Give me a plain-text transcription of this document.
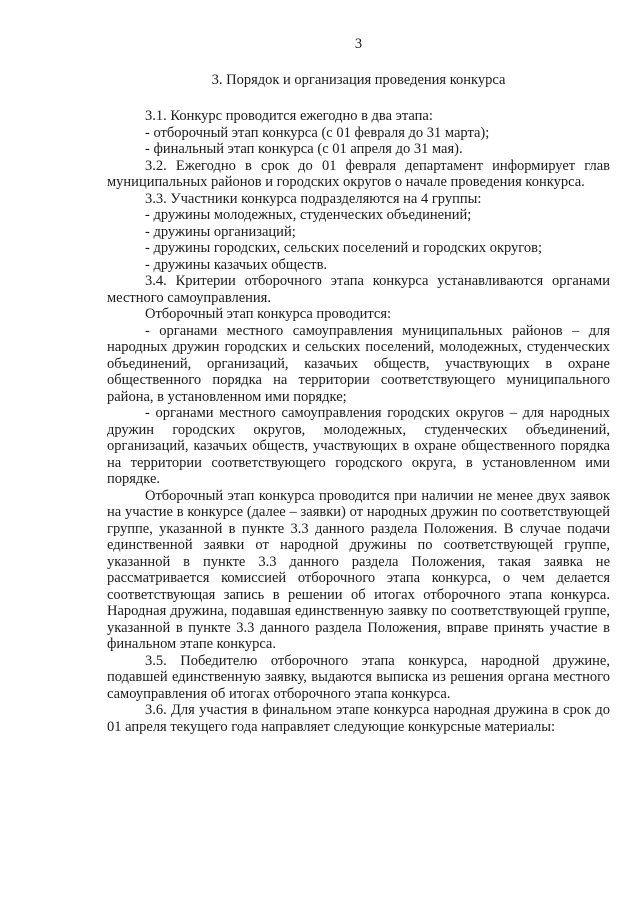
3
3. Порядок и организация проведения конкурса

3.1. Конкурс проводится ежегодно в два этапа:

- отборочный этап конкурса (с 01 февраля до 31 марта);

- финальный этап конкурса (с 01 апреля до 31 мая).

3.2. Ежегодно в срок до 01 февраля департамент информирует глав муниципальных районов и городских округов о начале проведения конкурса.

3.3. Участники конкурса подразделяются на 4 группы:

- дружины молодежных, студенческих объединений;

- дружины организаций;

- дружины городских, сельских поселений и городских округов;

- дружины казачьих обществ.

3.4. Критерии отборочного этапа конкурса устанавливаются органами местного самоуправления.

Отборочный этап конкурса проводится:

- органами местного самоуправления муниципальных районов – для народных дружин городских и сельских поселений, молодежных, студенческих объединений, организаций, казачьих обществ, участвующих в охране общественного порядка на территории соответствующего муниципального района, в установленном ими порядке;

- органами местного самоуправления городских округов – для народных дружин городских округов, молодежных, студенческих объединений, организаций, казачьих обществ, участвующих в охране общественного порядка на территории соответствующего городского округа, в установленном ими порядке.

Отборочный этап конкурса проводится при наличии не менее двух заявок на участие в конкурсе (далее – заявки) от народных дружин по соответствующей группе, указанной в пункте 3.3 данного раздела Положения. В случае подачи единственной заявки от народной дружины по соответствующей группе, указанной в пункте 3.3 данного раздела Положения, такая заявка не рассматривается комиссией отборочного этапа конкурса, о чем делается соответствующая запись в решении об итогах отборочного этапа конкурса. Народная дружина, подавшая единственную заявку по соответствующей группе, указанной в пункте 3.3 данного раздела Положения, вправе принять участие в финальном этапе конкурса.

3.5. Победителю отборочного этапа конкурса, народной дружине, подавшей единственную заявку, выдаются выписка из решения органа местного самоуправления об итогах отборочного этапа конкурса.

3.6. Для участия в финальном этапе конкурса народная дружина в срок до 01 апреля текущего года направляет следующие конкурсные материалы:
